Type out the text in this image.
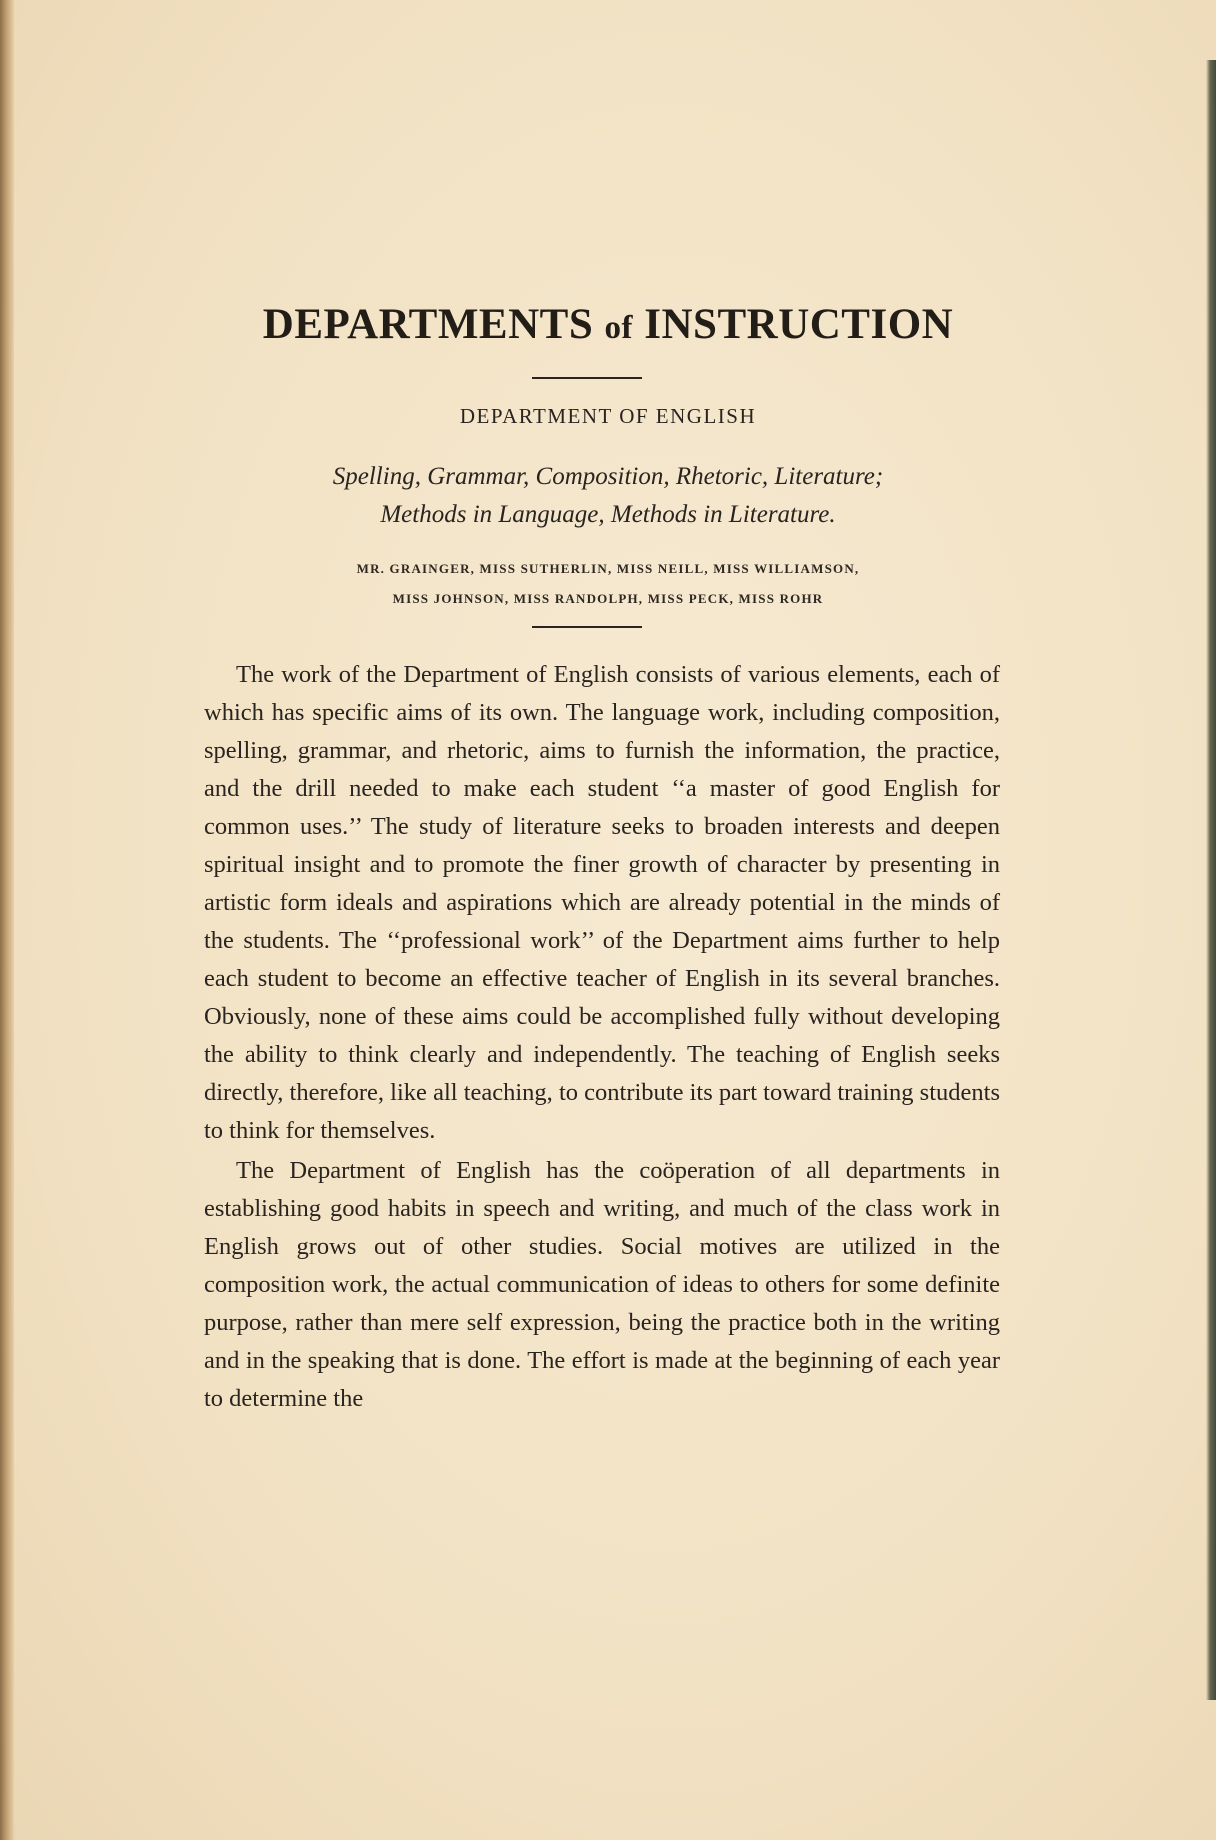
DEPARTMENTS of INSTRUCTION
DEPARTMENT OF ENGLISH
Spelling, Grammar, Composition, Rhetoric, Literature;
Methods in Language, Methods in Literature.
MR. GRAINGER, MISS SUTHERLIN, MISS NEILL, MISS WILLIAMSON,
MISS JOHNSON, MISS RANDOLPH, MISS PECK, MISS ROHR

The work of the Department of English consists of various elements, each of which has specific aims of its own. The language work, including composition, spelling, grammar, and rhetoric, aims to furnish the information, the practice, and the drill needed to make each student ‘‘a master of good English for common uses.’’ The study of literature seeks to broaden interests and deepen spiritual insight and to promote the finer growth of character by presenting in artistic form ideals and aspirations which are already potential in the minds of the students. The ‘‘professional work’’ of the Department aims further to help each student to become an effective teacher of English in its several branches. Obviously, none of these aims could be accomplished fully without developing the ability to think clearly and independently. The teaching of English seeks directly, therefore, like all teaching, to contribute its part toward training students to think for themselves.

The Department of English has the coöperation of all departments in establishing good habits in speech and writing, and much of the class work in English grows out of other studies. Social motives are utilized in the composition work, the actual communication of ideas to others for some definite purpose, rather than mere self expression, being the practice both in the writing and in the speaking that is done. The effort is made at the beginning of each year to determine the
